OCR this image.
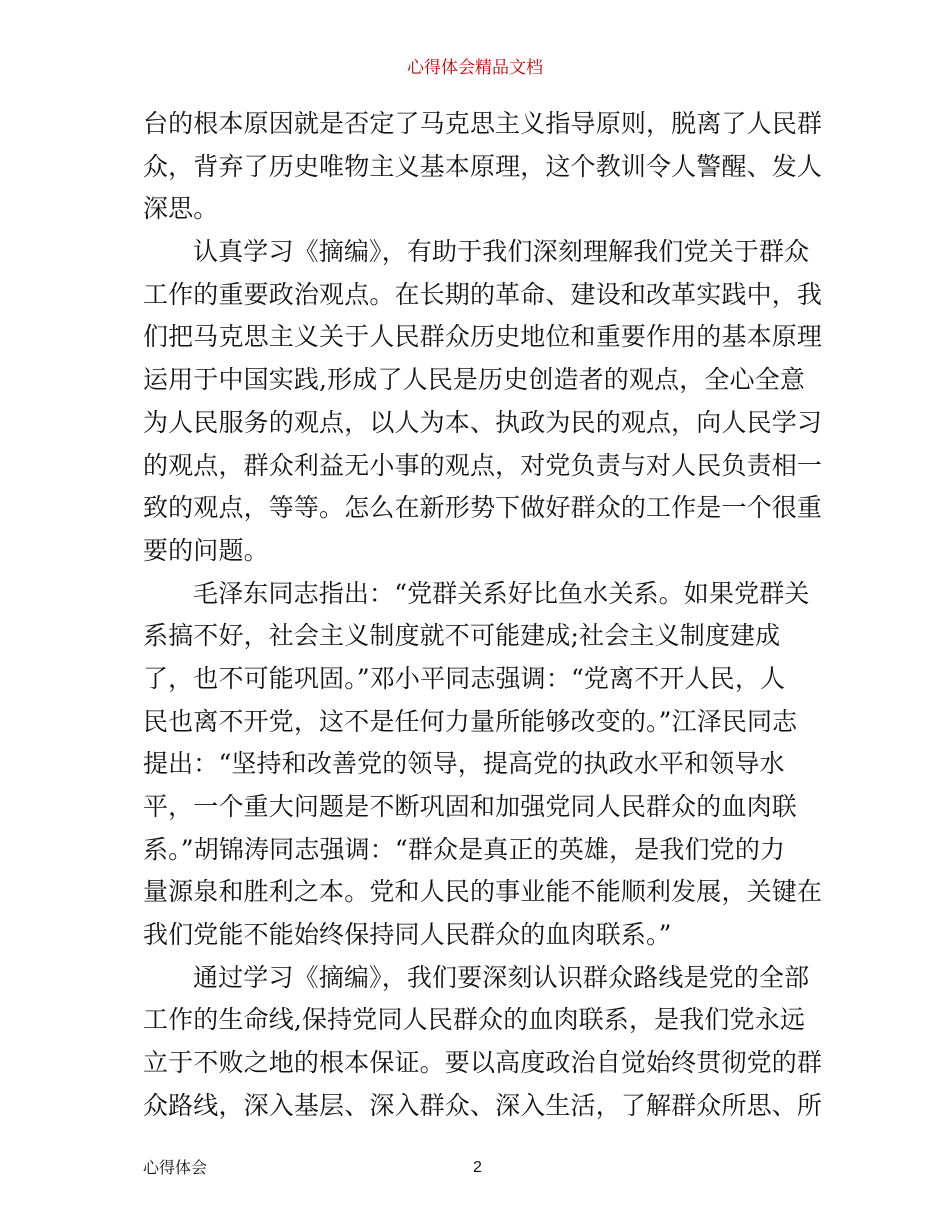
心得体会精品文档
台的根本原因就是否定了马克思主义指导原则，脱离了人民群
众，背弃了历史唯物主义基本原理，这个教训令人警醒、发人
深思。
认真学习《摘编》，有助于我们深刻理解我们党关于群众
工作的重要政治观点。在长期的革命、建设和改革实践中，我
们把马克思主义关于人民群众历史地位和重要作用的基本原理
运用于中国实践,形成了人民是历史创造者的观点，全心全意
为人民服务的观点，以人为本、执政为民的观点，向人民学习
的观点，群众利益无小事的观点，对党负责与对人民负责相一
致的观点，等等。怎么在新形势下做好群众的工作是一个很重
要的问题。
毛泽东同志指出：“党群关系好比鱼水关系。如果党群关
系搞不好，社会主义制度就不可能建成;社会主义制度建成
了，也不可能巩固。”邓小平同志强调：“党离不开人民，人
民也离不开党，这不是任何力量所能够改变的。”江泽民同志
提出：“坚持和改善党的领导，提高党的执政水平和领导水
平，一个重大问题是不断巩固和加强党同人民群众的血肉联
系。”胡锦涛同志强调：“群众是真正的英雄，是我们党的力
量源泉和胜利之本。党和人民的事业能不能顺利发展，关键在
我们党能不能始终保持同人民群众的血肉联系。”
通过学习《摘编》，我们要深刻认识群众路线是党的全部
工作的生命线,保持党同人民群众的血肉联系，是我们党永远
立于不败之地的根本保证。要以高度政治自觉始终贯彻党的群
众路线，深入基层、深入群众、深入生活，了解群众所思、所
心得体会	2
